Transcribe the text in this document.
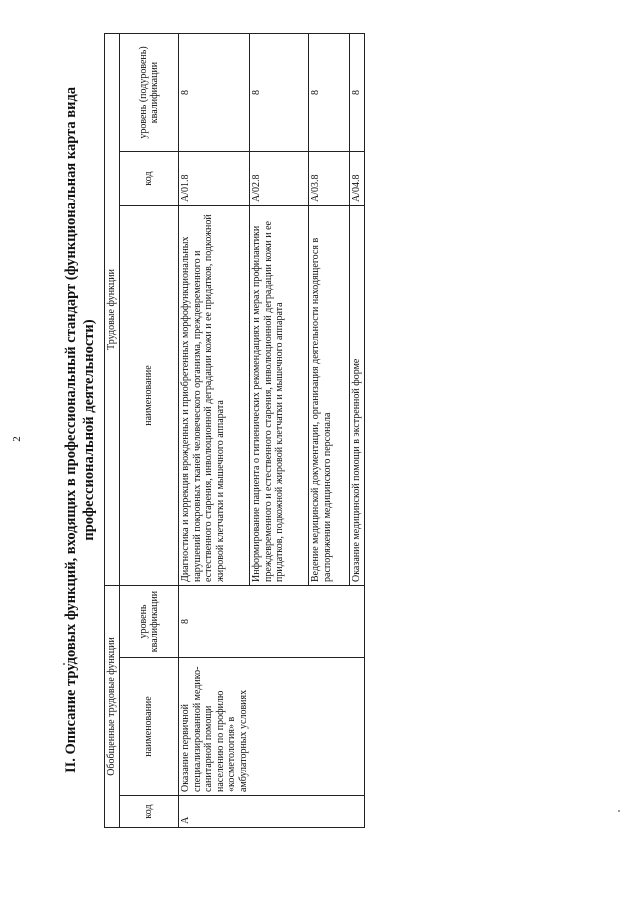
2	II. Описание трудовых функций, входящих в профессиональный стандарт (функциональная карта вида профессиональной деятельности)
Обобщенные трудовые функции			Трудовые функции		
код	наименование	уровень квалификации	наименование	код	уровень (подуровень) квалификации
А	Оказание первичной специализированной медико-санитарной помощи населению по профилю «косметология» в амбулаторных условиях	8	Диагностика и коррекция врожденных и приобретенных морфофункциональных нарушений покровных тканей человеческого организма, преждевременного и естественного старения, инволюционной деградации кожи и ее придатков, подкожной жировой клетчатки и мышечного аппарата	A/01.8	8
			Информирование пациента о гигиенических рекомендациях и мерах профилактики преждевременного и естественного старения, инволюционной деградации кожи и ее придатков, подкожной жировой клетчатки и мышечного аппарата	A/02.8	8
			Ведение медицинской документации, организация деятельности находящегося в распоряжении медицинского персонала	A/03.8	8
			Оказание медицинской помощи в экстренной форме	A/04.8	8
